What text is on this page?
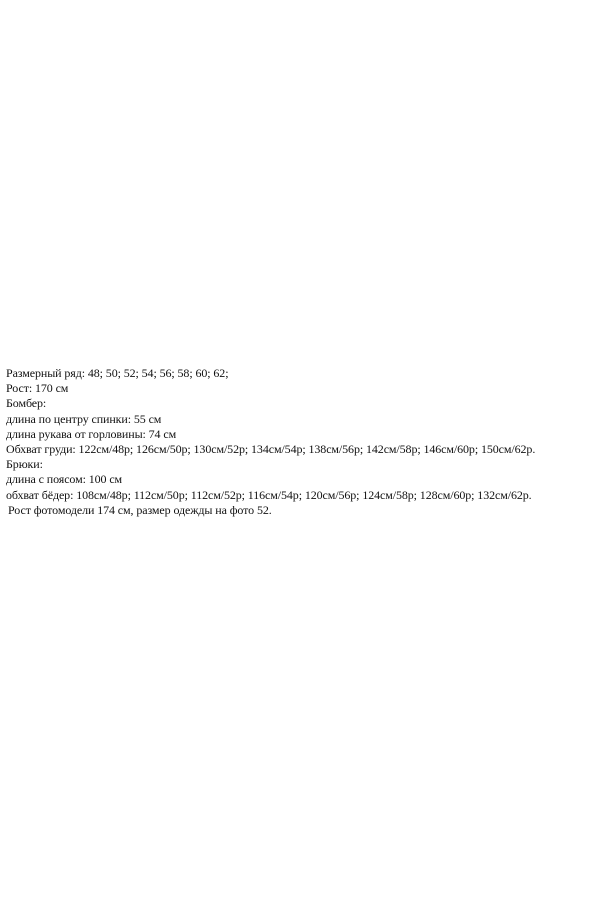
Размерный ряд: 48; 50; 52; 54; 56; 58; 60; 62;
Рост: 170 см
Бомбер:
длина по центру спинки: 55 см
длина рукава от горловины: 74 см
Обхват груди: 122см/48р; 126см/50р; 130см/52р; 134см/54р; 138см/56р; 142см/58р; 146см/60р; 150см/62р.
Брюки:
длина с поясом: 100 см
обхват бёдер: 108см/48р; 112см/50р; 112см/52р; 116см/54р; 120см/56р; 124см/58р; 128см/60р; 132см/62р.
Рост фотомодели 174 см, размер одежды на фото 52.
